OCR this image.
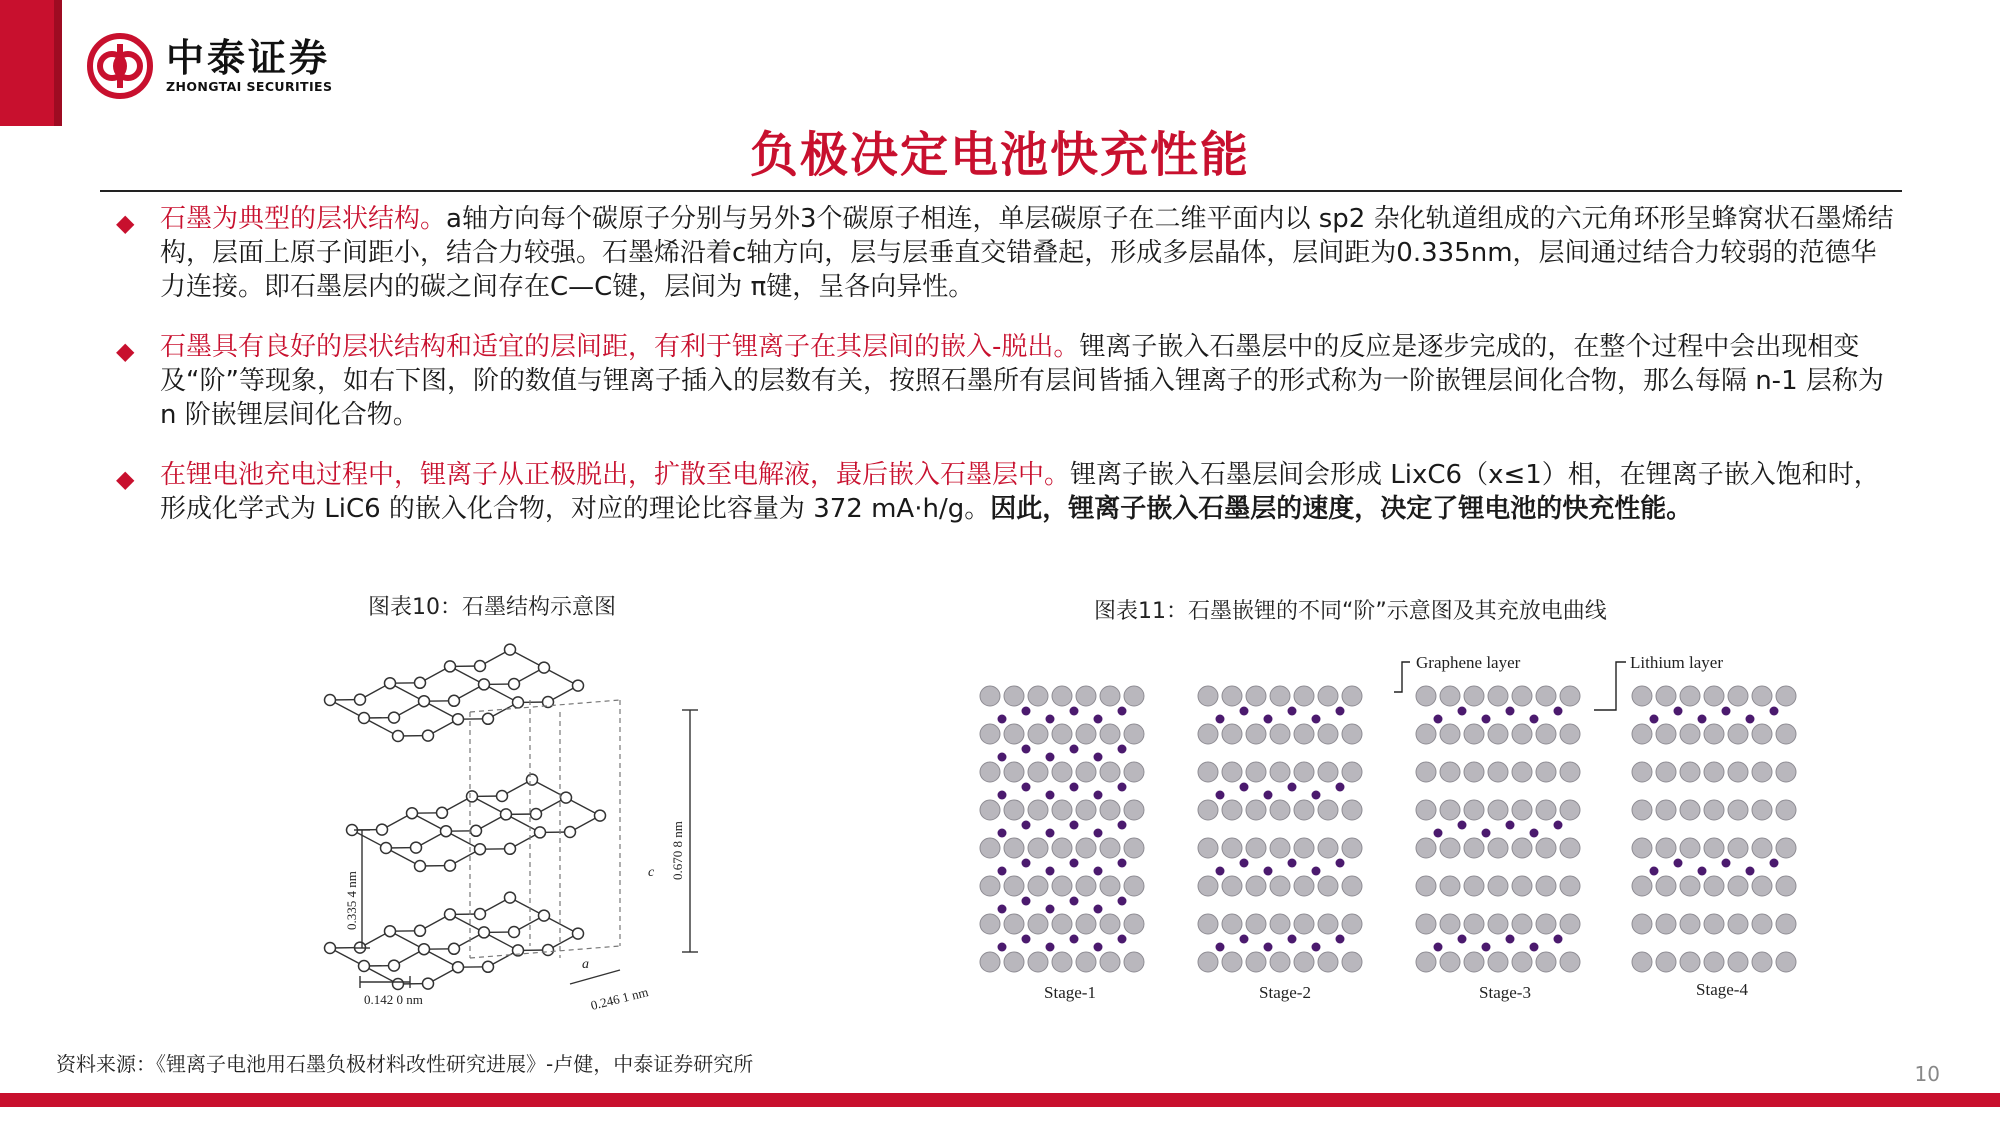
中泰证券
ZHONGTAI SECURITIES
负极决定电池快充性能
◆ 石墨为典型的层状结构。a轴方向每个碳原子分别与另外3个碳原子相连，单层碳原子在二维平面内以 sp2 杂化轨道组成的六元角环形呈蜂窝状石墨烯结构，层面上原子间距小，结合力较强。石墨烯沿着c轴方向，层与层垂直交错叠起，形成多层晶体，层间距为0.335nm，层间通过结合力较弱的范德华力连接。即石墨层内的碳之间存在C—C键，层间为 π键，呈各向异性。
◆ 石墨具有良好的层状结构和适宜的层间距，有利于锂离子在其层间的嵌入-脱出。锂离子嵌入石墨层中的反应是逐步完成的，在整个过程中会出现相变及“阶”等现象，如右下图，阶的数值与锂离子插入的层数有关，按照石墨所有层间皆插入锂离子的形式称为一阶嵌锂层间化合物，那么每隔 n-1 层称为 n 阶嵌锂层间化合物。
◆ 在锂电池充电过程中，锂离子从正极脱出，扩散至电解液，最后嵌入石墨层中。锂离子嵌入石墨层间会形成 LixC6（x≤1）相，在锂离子嵌入饱和时，形成化学式为 LiC6 的嵌入化合物，对应的理论比容量为 372 mA·h/g。因此，锂离子嵌入石墨层的速度，决定了锂电池的快充性能。
图表10：石墨结构示意图	图表11：石墨嵌锂的不同“阶”示意图及其充放电曲线
0.670 8 nm
c
0.335 4 nm
0.142 0 nm
a
0.246 1 nm
Graphene layer	Lithium layer
Stage-1	Stage-2	Stage-3	Stage-4
资料来源：《锂离子电池用石墨负极材料改性研究进展》-卢健，中泰证券研究所	10
